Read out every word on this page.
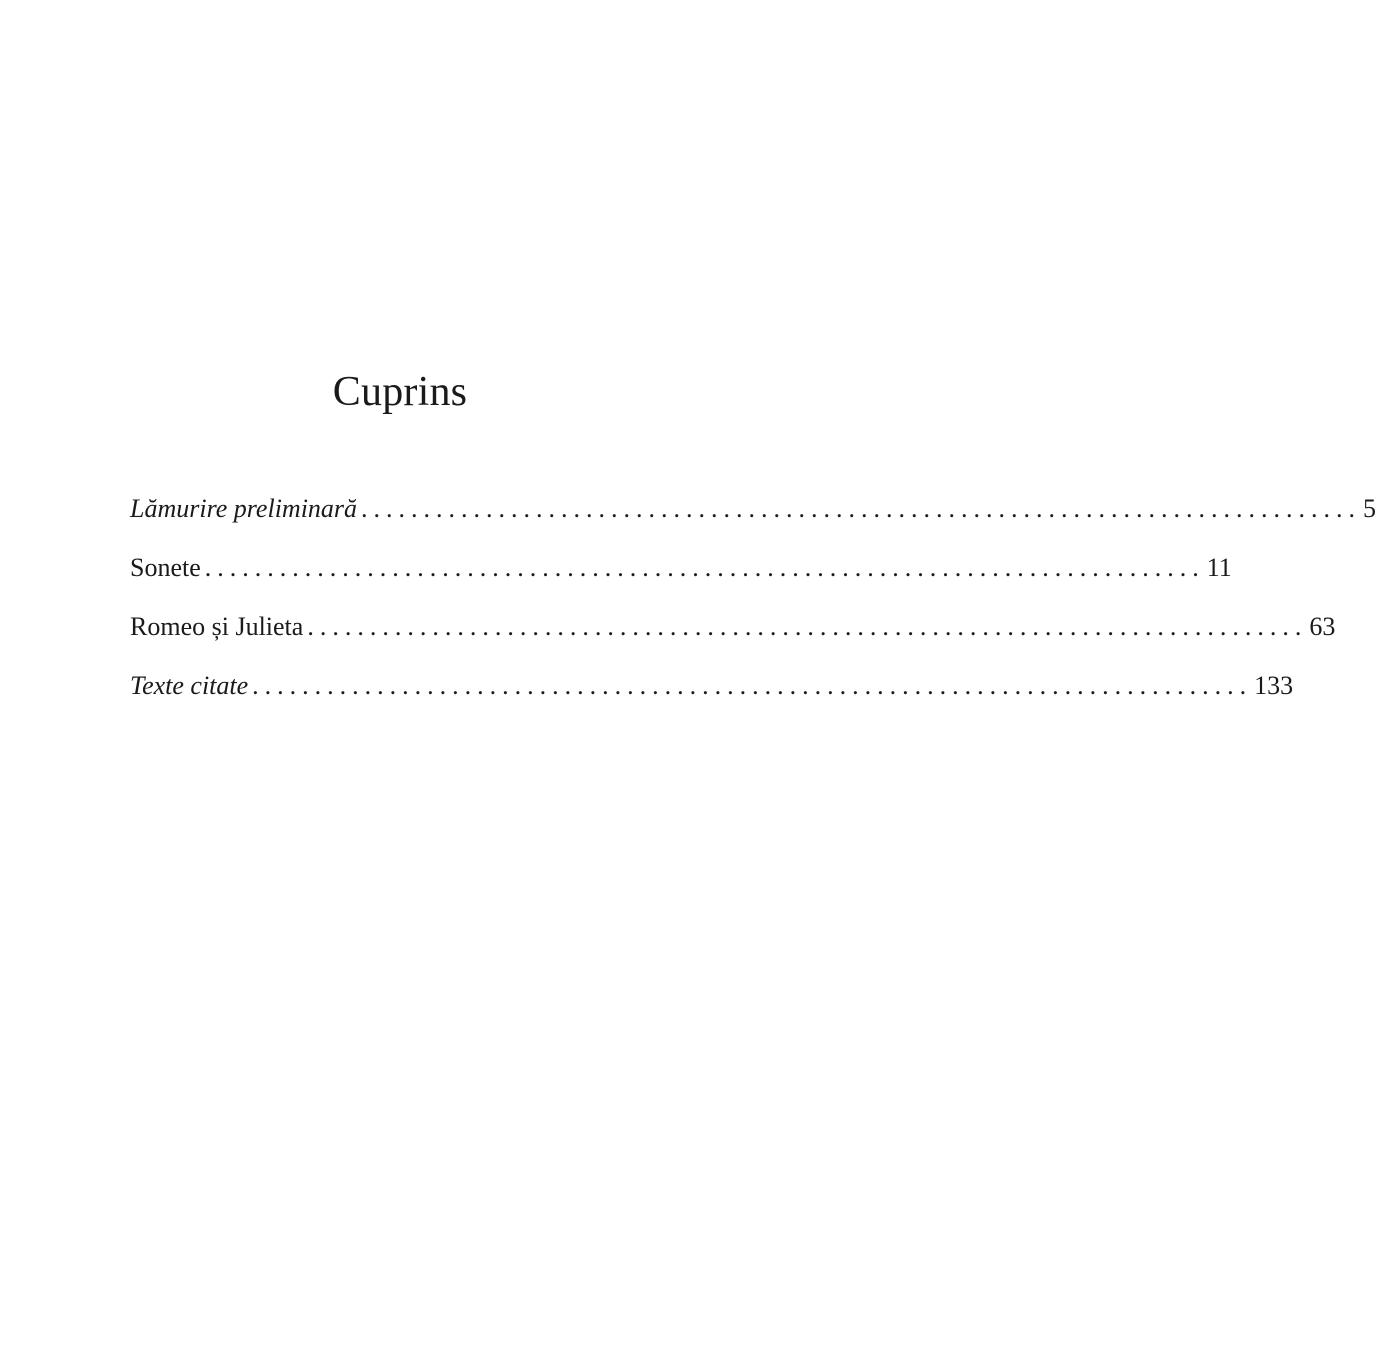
Cuprins
Lămurire preliminară ................................................................................ 5
Sonete ................................................................................ 11
Romeo și Julieta ................................................................................ 63
Texte citate ................................................................................ 133
